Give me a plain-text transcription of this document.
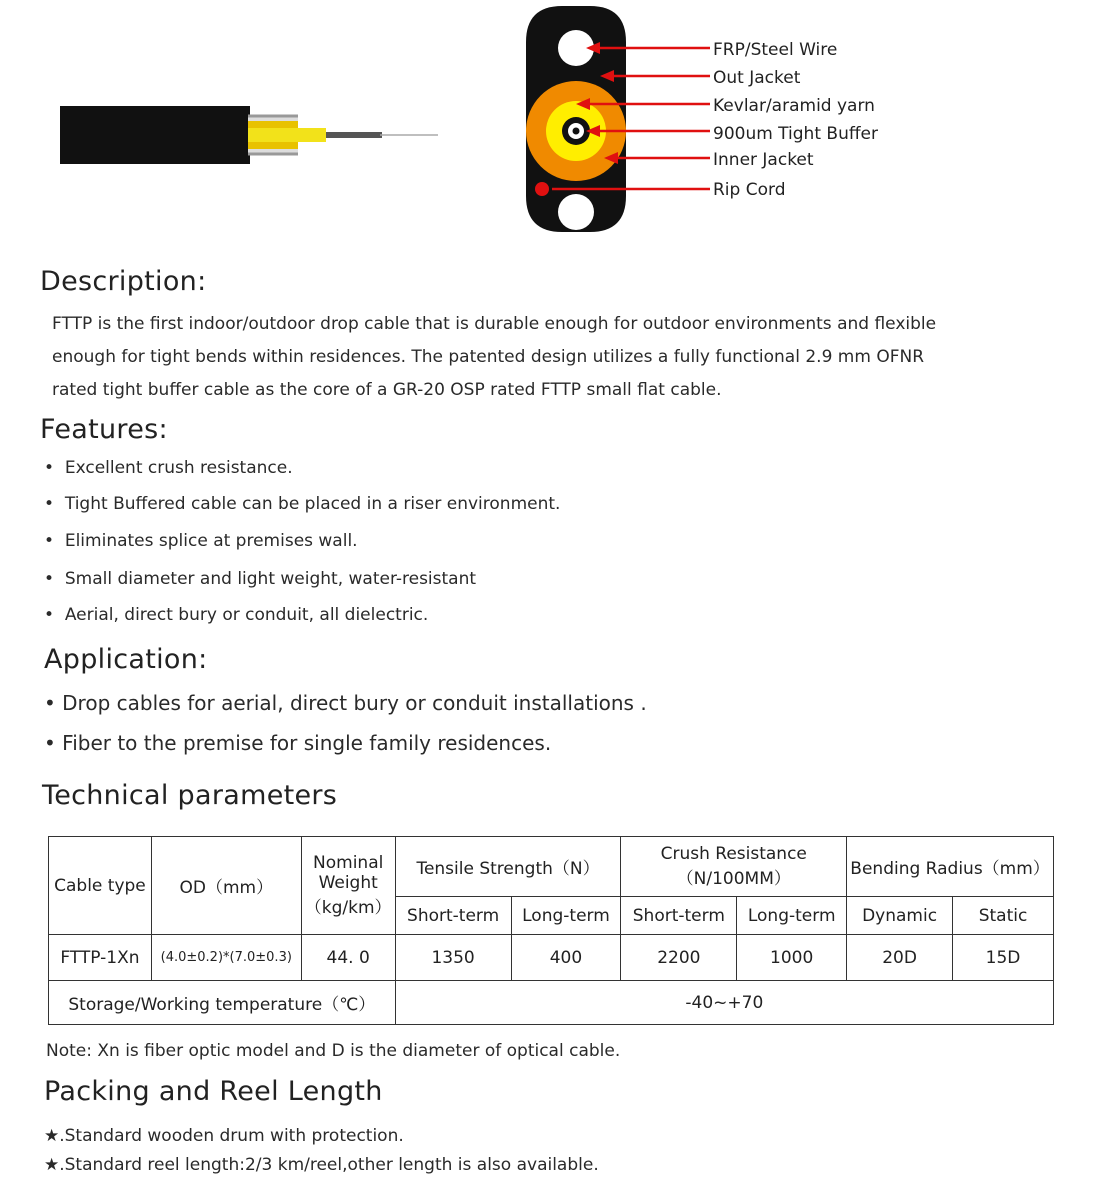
FRP/Steel Wire
Out Jacket
Kevlar/aramid yarn
900um Tight Buffer
Inner Jacket
Rip Cord
Description:
FTTP is the first indoor/outdoor drop cable that is durable enough for outdoor environments and flexible
enough for tight bends within residences. The patented design utilizes a fully functional 2.9 mm OFNR
rated tight buffer cable as the core of a GR-20 OSP rated FTTP small flat cable.
Features:
•  Excellent crush resistance.
•  Tight Buffered cable can be placed in a riser environment.
•  Eliminates splice at premises wall.
•  Small diameter and light weight, water-resistant
•  Aerial, direct bury or conduit, all dielectric.
Application:
• Drop cables for aerial, direct bury or conduit installations .
• Fiber to the premise for single family residences.
Technical parameters
Cable type	OD（mm）	Nominal Weight （kg/km）	Tensile Strength（N）		Crush Resistance （N/100MM）		Bending Radius（mm）	
			Short-term	Long-term	Short-term	Long-term	Dynamic	Static
FTTP-1Xn	(4.0±0.2)*(7.0±0.3)	44. 0	1350	400	2200	1000	20D	15D
Storage/Working temperature（℃）			-40~+70					
Note: Xn is fiber optic model and D is the diameter of optical cable.
Packing and Reel Length
★.Standard wooden drum with protection.
★.Standard reel length:2/3 km/reel,other length is also available.
